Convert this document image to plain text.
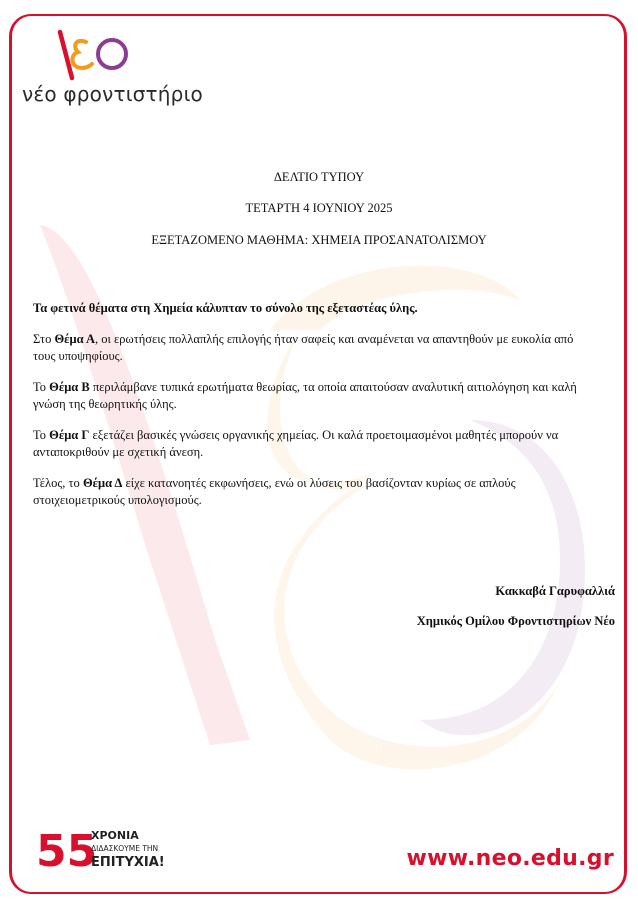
νέο φροντιστήριο
ΔΕΛΤΙΟ ΤΥΠΟΥ
ΤΕΤΑΡΤΗ 4 ΙΟΥΝΙΟΥ 2025
ΕΞΕΤΑΖΟΜΕΝΟ ΜΑΘΗΜΑ: ΧΗΜΕΙΑ ΠΡΟΣΑΝΑΤΟΛΙΣΜΟΥ

Τα φετινά θέματα στη Χημεία κάλυπταν το σύνολο της εξεταστέας ύλης.

Στο Θέμα Α, οι ερωτήσεις πολλαπλής επιλογής ήταν σαφείς και αναμένεται να απαντηθούν με ευκολία από τους υποψηφίους.

Το Θέμα Β περιλάμβανε τυπικά ερωτήματα θεωρίας, τα οποία απαιτούσαν αναλυτική αιτιολόγηση και καλή γνώση της θεωρητικής ύλης.

Το Θέμα Γ εξετάζει βασικές γνώσεις οργανικής χημείας. Οι καλά προετοιμασμένοι μαθητές μπορούν να ανταποκριθούν με σχετική άνεση.

Τέλος, το Θέμα Δ είχε κατανοητές εκφωνήσεις, ενώ οι λύσεις του βασίζονταν κυρίως σε απλούς στοιχειομετρικούς υπολογισμούς.

Κακκαβά Γαρυφαλλιά
Χημικός Ομίλου Φροντιστηρίων Νέο
55
ΧΡΟΝΙΑ
ΔΙΔΑΣΚΟΥΜΕ ΤΗΝ
ΕΠΙΤΥΧΙΑ!	www.neo.edu.gr
